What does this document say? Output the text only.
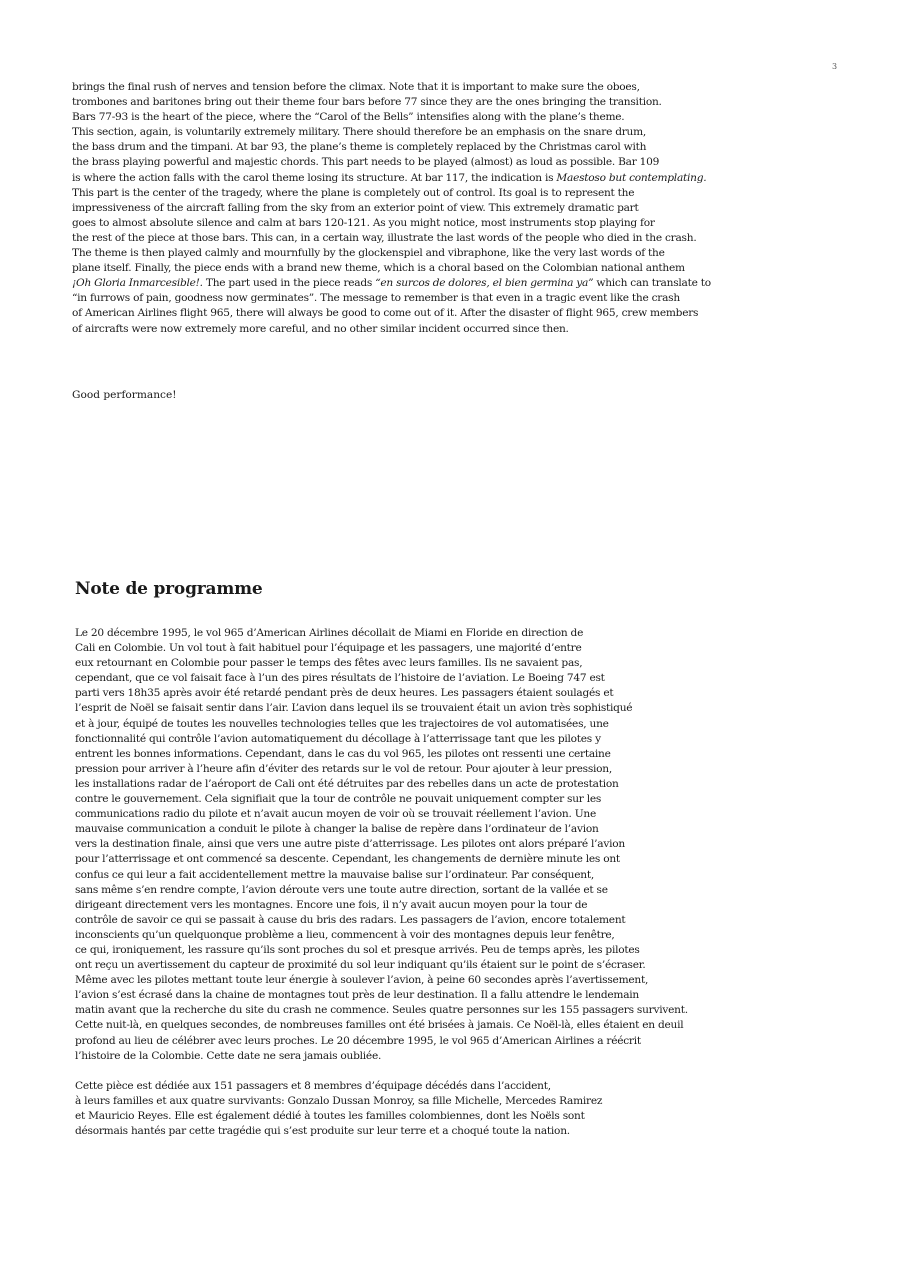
3
brings the final rush of nerves and tension before the climax. Note that it is important to make sure the oboes,
trombones and baritones bring out their theme four bars before 77 since they are the ones bringing the transition.
Bars 77-93 is the heart of the piece, where the “Carol of the Bells” intensifies along with the plane’s theme.
This section, again, is voluntarily extremely military. There should therefore be an emphasis on the snare drum,
the bass drum and the timpani. At bar 93, the plane’s theme is completely replaced by the Christmas carol with
the brass playing powerful and majestic chords. This part needs to be played (almost) as loud as possible. Bar 109
is where the action falls with the carol theme losing its structure. At bar 117, the indication is Maestoso but contemplating.
This part is the center of the tragedy, where the plane is completely out of control. Its goal is to represent the
impressiveness of the aircraft falling from the sky from an exterior point of view. This extremely dramatic part
goes to almost absolute silence and calm at bars 120-121. As you might notice, most instruments stop playing for
the rest of the piece at those bars. This can, in a certain way, illustrate the last words of the people who died in the crash.
The theme is then played calmly and mournfully by the glockenspiel and vibraphone, like the very last words of the
plane itself. Finally, the piece ends with a brand new theme, which is a choral based on the Colombian national anthem
¡Oh Gloria Inmarcesible!. The part used in the piece reads “en surcos de dolores, el bien germina ya” which can translate to
“in furrows of pain, goodness now germinates”. The message to remember is that even in a tragic event like the crash
of American Airlines flight 965, there will always be good to come out of it. After the disaster of flight 965, crew members
of aircrafts were now extremely more careful, and no other similar incident occurred since then.
Good performance!
Note de programme
Le 20 décembre 1995, le vol 965 d’American Airlines décollait de Miami en Floride en direction de
Cali en Colombie. Un vol tout à fait habituel pour l’équipage et les passagers, une majorité d’entre
eux retournant en Colombie pour passer le temps des fêtes avec leurs familles. Ils ne savaient pas,
cependant, que ce vol faisait face à l’un des pires résultats de l’histoire de l’aviation. Le Boeing 747 est
parti vers 18h35 après avoir été retardé pendant près de deux heures. Les passagers étaient soulagés et
l’esprit de Noël se faisait sentir dans l’air. L’avion dans lequel ils se trouvaient était un avion très sophistiqué
et à jour, équipé de toutes les nouvelles technologies telles que les trajectoires de vol automatisées, une
fonctionnalité qui contrôle l’avion automatiquement du décollage à l’atterrissage tant que les pilotes y
entrent les bonnes informations. Cependant, dans le cas du vol 965, les pilotes ont ressenti une certaine
pression pour arriver à l’heure afin d’éviter des retards sur le vol de retour. Pour ajouter à leur pression,
les installations radar de l’aéroport de Cali ont été détruites par des rebelles dans un acte de protestation
contre le gouvernement. Cela signifiait que la tour de contrôle ne pouvait uniquement compter sur les
communications radio du pilote et n’avait aucun moyen de voir où se trouvait réellement l’avion. Une
mauvaise communication a conduit le pilote à changer la balise de repère dans l’ordinateur de l’avion
vers la destination finale, ainsi que vers une autre piste d’atterrissage. Les pilotes ont alors préparé l’avion
pour l’atterrissage et ont commencé sa descente. Cependant, les changements de dernière minute les ont
confus ce qui leur a fait accidentellement mettre la mauvaise balise sur l’ordinateur. Par conséquent,
sans même s’en rendre compte, l’avion déroute vers une toute autre direction, sortant de la vallée et se
dirigeant directement vers les montagnes. Encore une fois, il n’y avait aucun moyen pour la tour de
contrôle de savoir ce qui se passait à cause du bris des radars. Les passagers de l’avion, encore totalement
inconscients qu’un quelquonque problème a lieu, commencent à voir des montagnes depuis leur fenêtre,
ce qui, ironiquement, les rassure qu’ils sont proches du sol et presque arrivés. Peu de temps après, les pilotes
ont reçu un avertissement du capteur de proximité du sol leur indiquant qu’ils étaient sur le point de s’écraser.
Même avec les pilotes mettant toute leur énergie à soulever l’avion, à peine 60 secondes après l’avertissement,
l’avion s’est écrasé dans la chaine de montagnes tout près de leur destination. Il a fallu attendre le lendemain
matin avant que la recherche du site du crash ne commence. Seules quatre personnes sur les 155 passagers survivent.
Cette nuit-là, en quelques secondes, de nombreuses familles ont été brisées à jamais. Ce Noël-là, elles étaient en deuil
profond au lieu de célébrer avec leurs proches. Le 20 décembre 1995, le vol 965 d’American Airlines a réécrit
l’histoire de la Colombie. Cette date ne sera jamais oubliée.
Cette pièce est dédiée aux 151 passagers et 8 membres d’équipage décédés dans l’accident,
à leurs familles et aux quatre survivants: Gonzalo Dussan Monroy, sa fille Michelle, Mercedes Ramirez
et Mauricio Reyes. Elle est également dédié à toutes les familles colombiennes, dont les Noëls sont
désormais hantés par cette tragédie qui s’est produite sur leur terre et a choqué toute la nation.
